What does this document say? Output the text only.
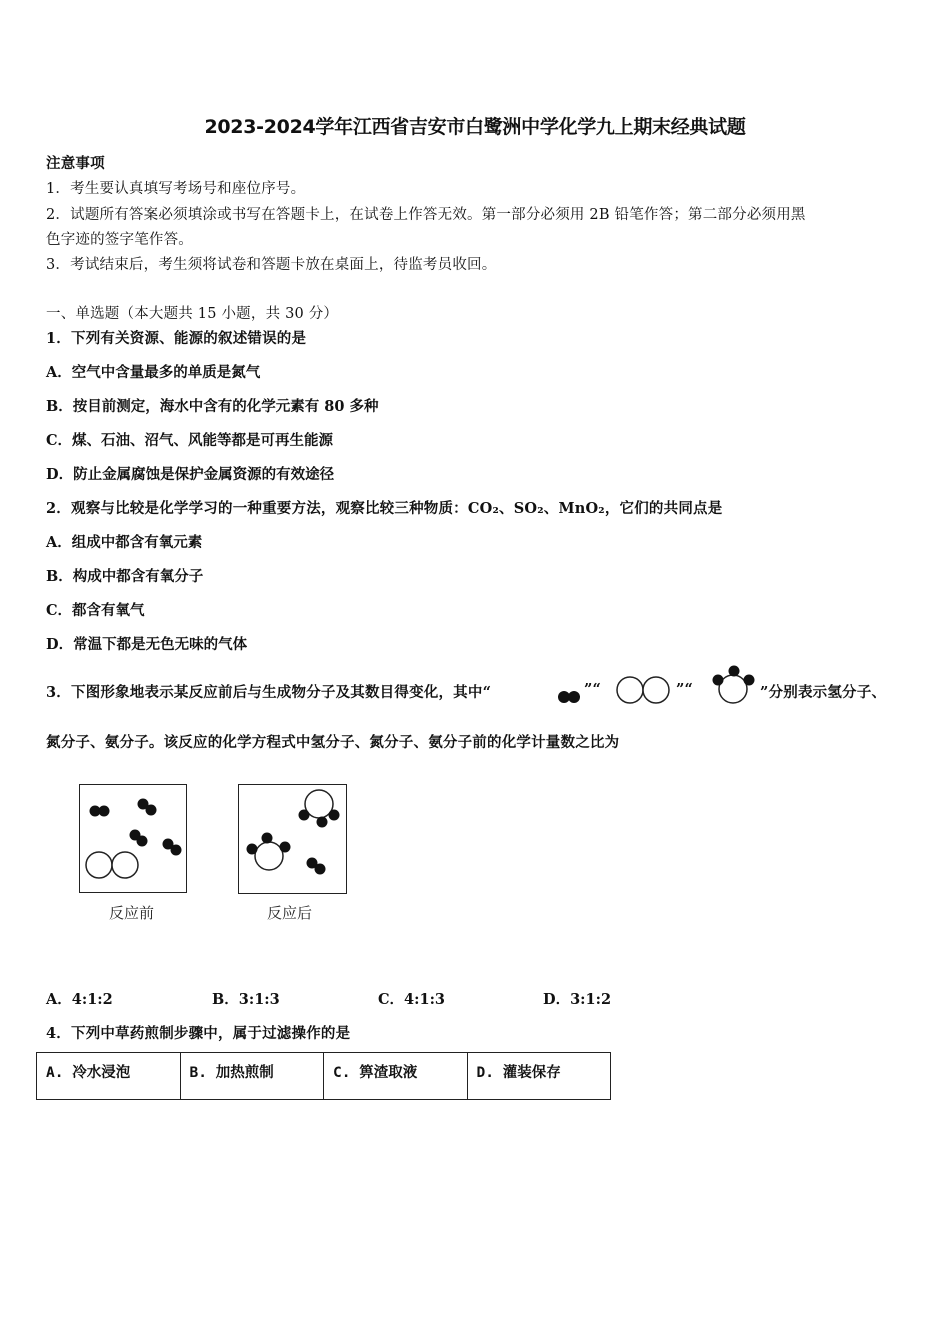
2023-2024学年江西省吉安市白鹭洲中学化学九上期末经典试题
注意事项
1．考生要认真填写考场号和座位序号。
2．试题所有答案必须填涂或书写在答题卡上，在试卷上作答无效。第一部分必须用 2B 铅笔作答；第二部分必须用黑
色字迹的签字笔作答。
3．考试结束后，考生须将试卷和答题卡放在桌面上，待监考员收回。
一、单选题（本大题共 15 小题，共 30 分）
1．下列有关资源、能源的叙述错误的是
A．空气中含量最多的单质是氮气
B．按目前测定，海水中含有的化学元素有 80 多种
C．煤、石油、沼气、风能等都是可再生能源
D．防止金属腐蚀是保护金属资源的有效途径
2．观察与比较是化学学习的一种重要方法，观察比较三种物质：CO₂、SO₂、MnO₂，它们的共同点是
A．组成中都含有氧元素
B．构成中都含有氧分子
C．都含有氧气
D．常温下都是无色无味的气体
3．下图形象地表示某反应前后与生成物分子及其数目得变化，其中“	”“	”“	”分别表示氢分子、
氮分子、氨分子。该反应的化学方程式中氢分子、氮分子、氨分子前的化学计量数之比为
反应前	反应后
A．4:1:2	B．3:1:3	C．4:1:3	D．3:1:2
4．下列中草药煎制步骤中，属于过滤操作的是
A. 冷水浸泡	B. 加热煎制	C. 箅渣取液	D. 灌装保存
